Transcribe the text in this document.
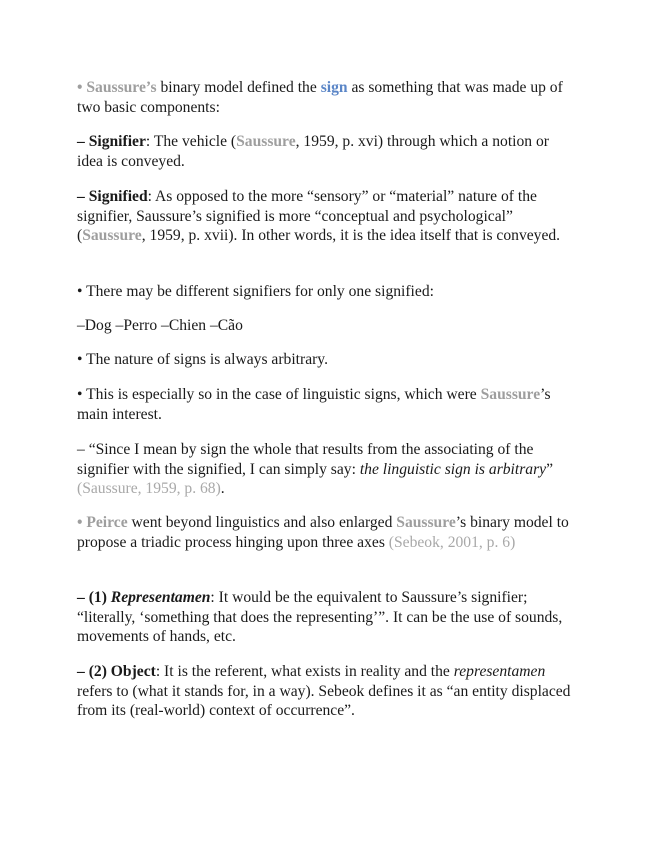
• Saussure’s binary model defined the sign as something that was made up of two basic components:

– Signifier: The vehicle (Saussure, 1959, p. xvi) through which a notion or idea is conveyed.

– Signified: As opposed to the more “sensory” or “material” nature of the signifier, Saussure’s signified is more “conceptual and psychological” (Saussure, 1959, p. xvii). In other words, it is the idea itself that is conveyed.

• There may be different signifiers for only one signified:

–Dog –Perro –Chien –Cão

• The nature of signs is always arbitrary.

• This is especially so in the case of linguistic signs, which were Saussure’s main interest.

– “Since I mean by sign the whole that results from the associating of the signifier with the signified, I can simply say: the linguistic sign is arbitrary” (Saussure, 1959, p. 68).

• Peirce went beyond linguistics and also enlarged Saussure’s binary model to propose a triadic process hinging upon three axes (Sebeok, 2001, p. 6)

– (1) Representamen: It would be the equivalent to Saussure’s signifier; “literally, ‘something that does the representing’”. It can be the use of sounds, movements of hands, etc.

– (2) Object: It is the referent, what exists in reality and the representamen refers to (what it stands for, in a way). Sebeok defines it as “an entity displaced from its (real-world) context of occurrence”.
